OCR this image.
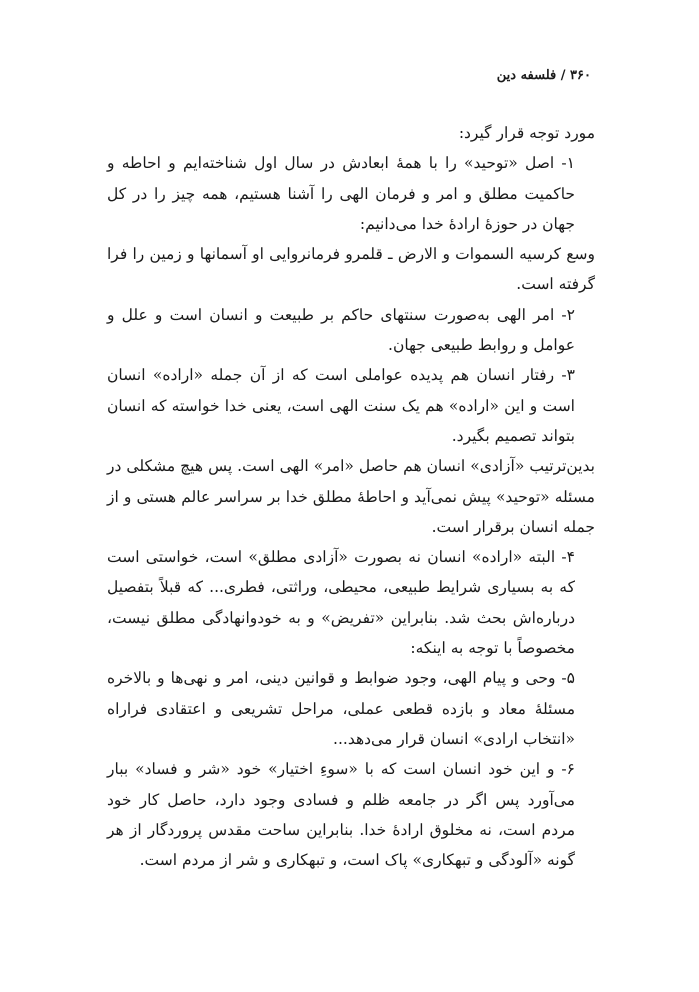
۳۶۰ / فلسفه دین

مورد توجه قرار گیرد:

۱- اصل «توحید» را با همهٔ ابعادش در سال اول شناخته‌ایم و احاطه و حاکمیت مطلق و امر و فرمان الهی را آشنا هستیم، همه چیز را در کل جهان در حوزهٔ ارادهٔ خدا می‌دانیم:

وسع کرسیه السموات و الارض ـ قلمرو فرمانروایی او آسمانها و زمین را فرا گرفته است.

۲- امر الهی به‌صورت سنتهای حاکم بر طبیعت و انسان است و علل و عوامل و روابط طبیعی جهان.

۳- رفتار انسان هم پدیده عواملی است که از آن جمله «اراده» انسان است و این «اراده» هم یک سنت الهی است، یعنی خدا خواسته که انسان بتواند تصمیم بگیرد.

بدین‌ترتیب «آزادی» انسان هم حاصل «امر» الهی است. پس هیچ مشکلی در مسئله «توحید» پیش نمی‌آید و احاطهٔ مطلق خدا بر سراسر عالم هستی و از جمله انسان برقرار است.

۴- البته «اراده» انسان نه بصورت «آزادی مطلق» است، خواستی است که به بسیاری شرایط طبیعی، محیطی، وراثتی، فطری... که قبلاً بتفصیل درباره‌اش بحث شد. بنابراین «تفریض» و به خودوانهادگی مطلق نیست، مخصوصاً با توجه به اینکه:

۵- وحی و پیام الهی، وجود ضوابط و قوانین دینی، امر و نهی‌ها و بالاخره مسئلهٔ معاد و بازده قطعی عملی، مراحل تشریعی و اعتقادی فراراه «انتخاب ارادی» انسان قرار می‌دهد...

۶- و این خود انسان است که با «سوءِ اختیار» خود «شر و فساد» ببار می‌آورد پس اگر در جامعه ظلم و فسادی وجود دارد، حاصل کار خود مردم است، نه مخلوق ارادهٔ خدا. بنابراین ساحت مقدس پروردگار از هر گونه «آلودگی و تبهکاری» پاک است، و تبهکاری و شر از مردم است.
